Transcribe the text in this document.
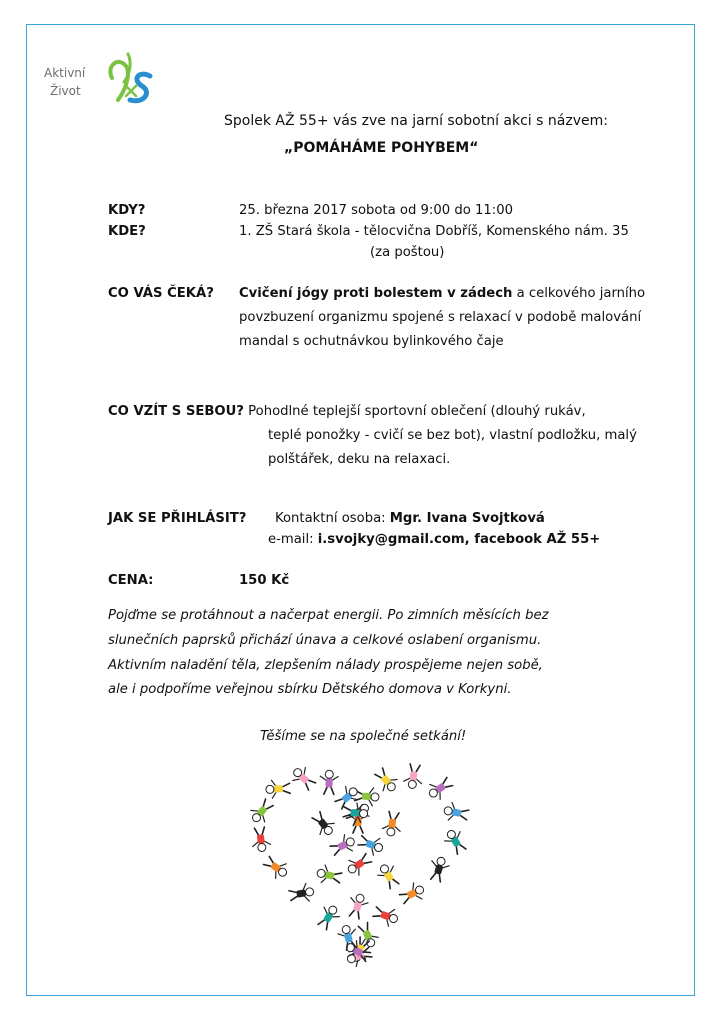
Aktivní
Život
Spolek AŽ 55+ vás zve na jarní sobotní akci s názvem:
„POMÁHÁME POHYBEM“
KDY?	25. března 2017 sobota od 9:00 do 11:00
KDE?	1. ZŠ Stará škola - tělocvična Dobříš, Komenského nám. 35
(za poštou)
CO VÁS ČEKÁ? Cvičení jógy proti bolestem v zádech a celkového jarního
povzbuzení organizmu spojené s relaxací v podobě malování
mandal s ochutnávkou bylinkového čaje
CO VZÍT S SEBOU? Pohodlné teplejší sportovní oblečení (dlouhý rukáv,
teplé ponožky - cvičí se bez bot), vlastní podložku, malý
polštářek, deku na relaxaci.
JAK SE PŘIHLÁSIT? Kontaktní osoba: Mgr. Ivana Svojtková
e-mail: i.svojky@gmail.com, facebook AŽ 55+
CENA:	150 Kč
Pojďme se protáhnout a načerpat energii. Po zimních měsících bez
slunečních paprsků přichází únava a celkové oslabení organismu.
Aktivním naladění těla, zlepšením nálady prospějeme nejen sobě,
ale i podpoříme veřejnou sbírku Dětského domova v Korkyni.
Těšíme se na společné setkání!
